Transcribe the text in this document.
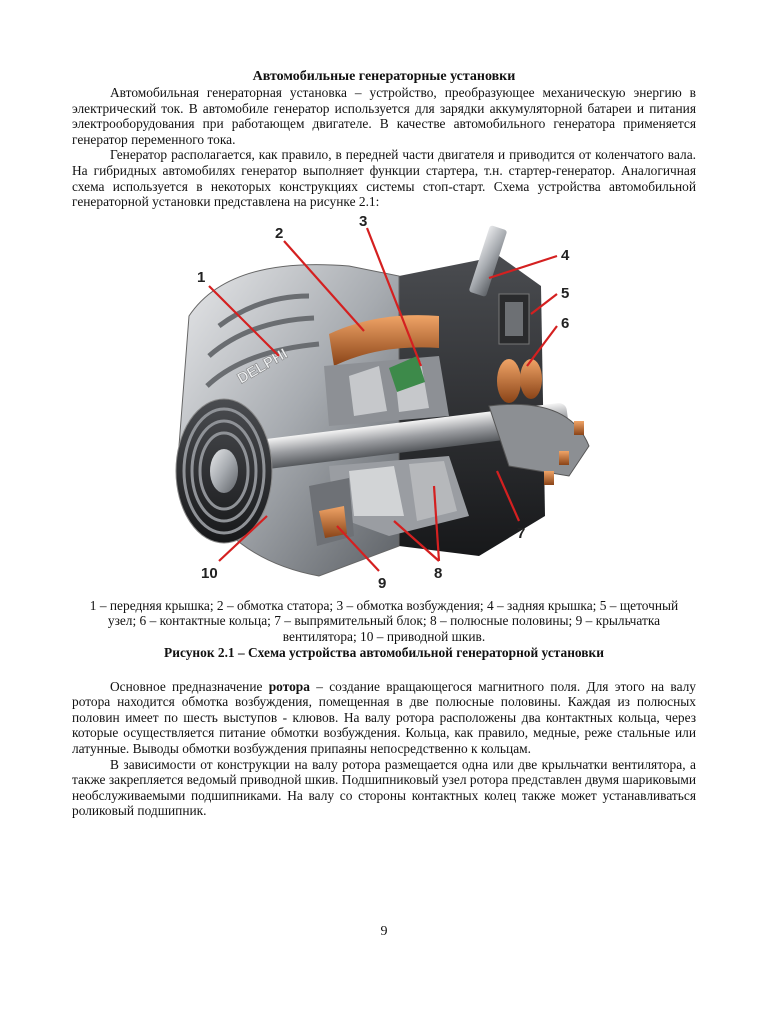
Автомобильные генераторные установки

Автомобильная генераторная установка – устройство, преобразующее механическую энергию в электрический ток. В автомобиле генератор используется для зарядки аккумуляторной батареи и питания электрооборудования при работающем двигателе. В качестве автомобильного генератора применяется генератор переменного тока.

Генератор располагается, как правило, в передней части двигателя и приводится от коленчатого вала. На гибридных автомобилях генератор выполняет функции стартера, т.н. стартер-генератор. Аналогичная схема используется в некоторых конструкциях системы стоп-старт. Схема устройства автомобильной генераторной установки представлена на рисунке 2.1:

DELPHI
1
2
3
4
5
6
7
8
9
10

1 – передняя крышка; 2 – обмотка статора; 3 – обмотка возбуждения; 4 – задняя крышка; 5 – щеточный узел; 6 – контактные кольца; 7 – выпрямительный блок; 8 – полюсные половины; 9 – крыльчатка вентилятора; 10 – приводной шкив.

Рисунок 2.1 – Схема устройства автомобильной генераторной установки

Основное предназначение ротора – создание вращающегося магнитного поля. Для этого на валу ротора находится обмотка возбуждения, помещенная в две полюсные половины. Каждая из полюсных половин имеет по шесть выступов - клювов. На валу ротора расположены два контактных кольца, через которые осуществляется питание обмотки возбуждения. Кольца, как правило, медные, реже стальные или латунные. Выводы обмотки возбуждения припаяны непосредственно к кольцам.

В зависимости от конструкции на валу ротора размещается одна или две крыльчатки вентилятора, а также закрепляется ведомый приводной шкив. Подшипниковый узел ротора представлен двумя шариковыми необслуживаемыми подшипниками. На валу со стороны контактных колец также может устанавливаться роликовый подшипник.

9
